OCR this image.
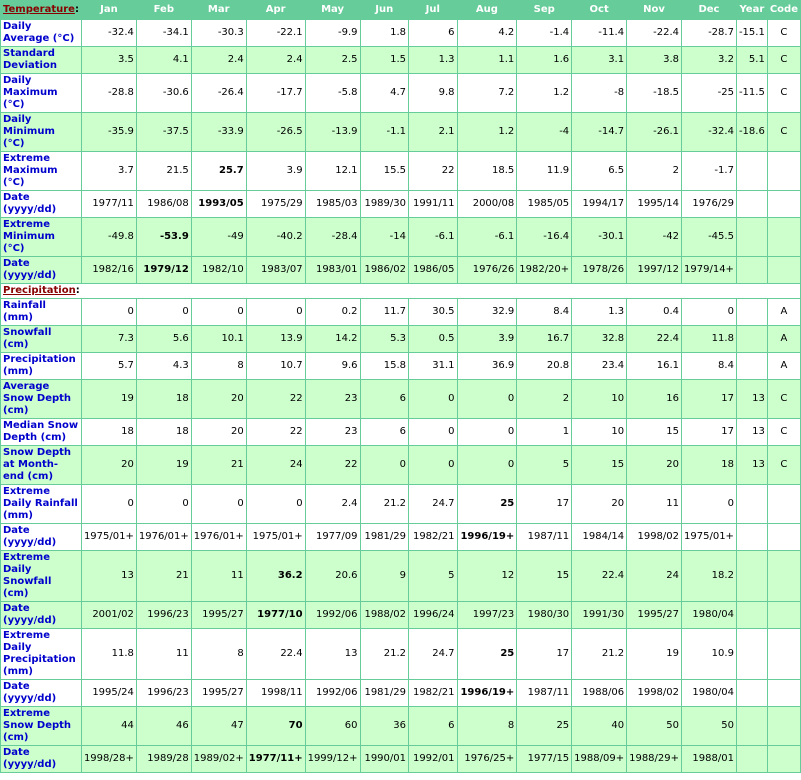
Temperature:	Jan	Feb	Mar	Apr	May	Jun	Jul	Aug	Sep	Oct	Nov	Dec	Year	Code
Daily Average (°C)	-32.4	-34.1	-30.3	-22.1	-9.9	1.8	6	4.2	-1.4	-11.4	-22.4	-28.7	-15.1	C
Standard Deviation	3.5	4.1	2.4	2.4	2.5	1.5	1.3	1.1	1.6	3.1	3.8	3.2	5.1	C
Daily Maximum (°C)	-28.8	-30.6	-26.4	-17.7	-5.8	4.7	9.8	7.2	1.2	-8	-18.5	-25	-11.5	C
Daily Minimum (°C)	-35.9	-37.5	-33.9	-26.5	-13.9	-1.1	2.1	1.2	-4	-14.7	-26.1	-32.4	-18.6	C
Extreme Maximum (°C)	3.7	21.5	25.7	3.9	12.1	15.5	22	18.5	11.9	6.5	2	-1.7		
Date (yyyy/dd)	1977/11	1986/08	1993/05	1975/29	1985/03	1989/30	1991/11	2000/08	1985/05	1994/17	1995/14	1976/29		
Extreme Minimum (°C)	-49.8	-53.9	-49	-40.2	-28.4	-14	-6.1	-6.1	-16.4	-30.1	-42	-45.5		
Date (yyyy/dd)	1982/16	1979/12	1982/10	1983/07	1983/01	1986/02	1986/05	1976/26	1982/20+	1978/26	1997/12	1979/14+		
Precipitation:														
Rainfall (mm)	0	0	0	0	0.2	11.7	30.5	32.9	8.4	1.3	0.4	0		A
Snowfall (cm)	7.3	5.6	10.1	13.9	14.2	5.3	0.5	3.9	16.7	32.8	22.4	11.8		A
Precipitation (mm)	5.7	4.3	8	10.7	9.6	15.8	31.1	36.9	20.8	23.4	16.1	8.4		A
Average Snow Depth (cm)	19	18	20	22	23	6	0	0	2	10	16	17	13	C
Median Snow Depth (cm)	18	18	20	22	23	6	0	0	1	10	15	17	13	C
Snow Depth at Month-end (cm)	20	19	21	24	22	0	0	0	5	15	20	18	13	C
Extreme Daily Rainfall (mm)	0	0	0	0	2.4	21.2	24.7	25	17	20	11	0		
Date (yyyy/dd)	1975/01+	1976/01+	1976/01+	1975/01+	1977/09	1981/29	1982/21	1996/19+	1987/11	1984/14	1998/02	1975/01+		
Extreme Daily Snowfall (cm)	13	21	11	36.2	20.6	9	5	12	15	22.4	24	18.2		
Date (yyyy/dd)	2001/02	1996/23	1995/27	1977/10	1992/06	1988/02	1996/24	1997/23	1980/30	1991/30	1995/27	1980/04		
Extreme Daily Precipitation (mm)	11.8	11	8	22.4	13	21.2	24.7	25	17	21.2	19	10.9		
Date (yyyy/dd)	1995/24	1996/23	1995/27	1998/11	1992/06	1981/29	1982/21	1996/19+	1987/11	1988/06	1998/02	1980/04		
Extreme Snow Depth (cm)	44	46	47	70	60	36	6	8	25	40	50	50		
Date (yyyy/dd)	1998/28+	1989/28	1989/02+	1977/11+	1999/12+	1990/01	1992/01	1976/25+	1977/15	1988/09+	1988/29+	1988/01		
